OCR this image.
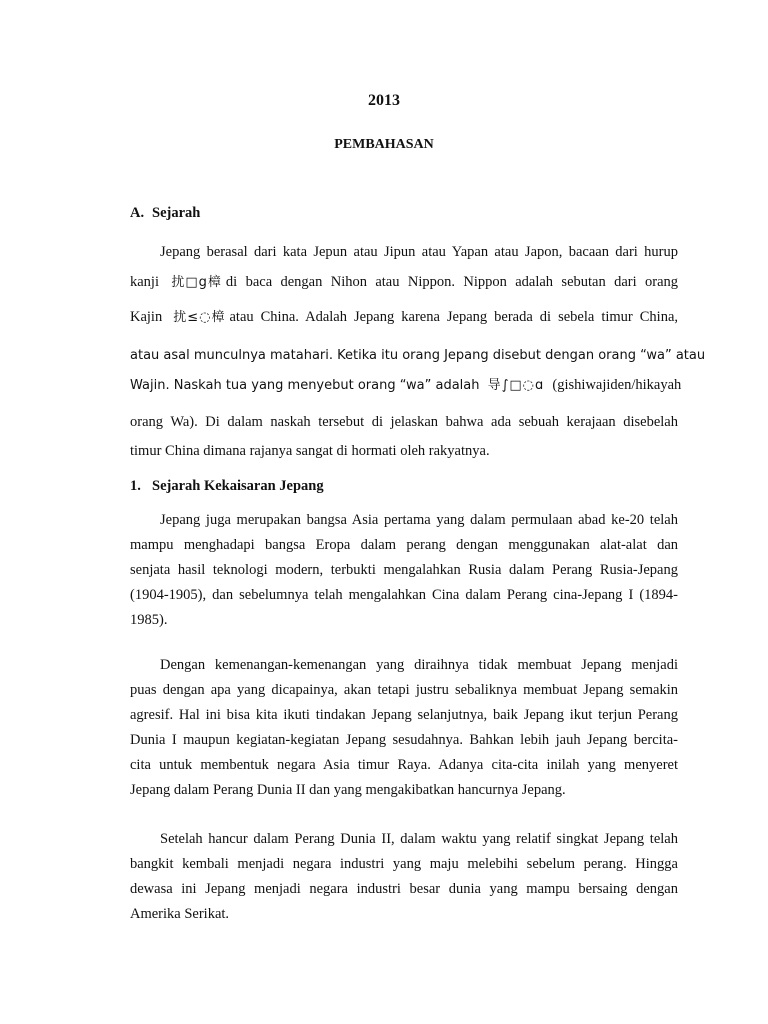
2013
PEMBAHASAN
A. Sejarah
Jepang berasal dari kata Jepun atau Jipun atau Yapan atau Japon, bacaan dari hurup
kanji 扰□g樟 di baca dengan Nihon atau Nippon. Nippon adalah sebutan dari orang
Kajin 扰≤◌樟 atau China. Adalah Jepang karena Jepang berada di sebela timur China,
atau asal munculnya matahari. Ketika itu orang Jepang disebut dengan orang “wa” atau
Wajin. Naskah tua yang menyebut orang “wa” adalah 导∫□◌ɑ (gishiwajiden/hikayah
orang Wa). Di dalam naskah tersebut di jelaskan bahwa ada sebuah kerajaan disebelah
timur China dimana rajanya sangat di hormati oleh rakyatnya.
1. Sejarah Kekaisaran Jepang
Jepang juga merupakan bangsa Asia pertama yang dalam permulaan abad ke-20 telah
mampu menghadapi bangsa Eropa dalam perang dengan menggunakan alat-alat dan
senjata hasil teknologi modern, terbukti mengalahkan Rusia dalam Perang Rusia-Jepang
(1904-1905), dan sebelumnya telah mengalahkan Cina dalam Perang cina-Jepang I (1894-
1985).
Dengan kemenangan-kemenangan yang diraihnya tidak membuat Jepang menjadi
puas dengan apa yang dicapainya, akan tetapi justru sebaliknya membuat Jepang semakin
agresif. Hal ini bisa kita ikuti tindakan Jepang selanjutnya, baik Jepang ikut terjun Perang
Dunia I maupun kegiatan-kegiatan Jepang sesudahnya. Bahkan lebih jauh Jepang bercita-
cita untuk membentuk negara Asia timur Raya. Adanya cita-cita inilah yang menyeret
Jepang dalam Perang Dunia II dan yang mengakibatkan hancurnya Jepang.
Setelah hancur dalam Perang Dunia II, dalam waktu yang relatif singkat Jepang telah
bangkit kembali menjadi negara industri yang maju melebihi sebelum perang. Hingga
dewasa ini Jepang menjadi negara industri besar dunia yang mampu bersaing dengan
Amerika Serikat.
